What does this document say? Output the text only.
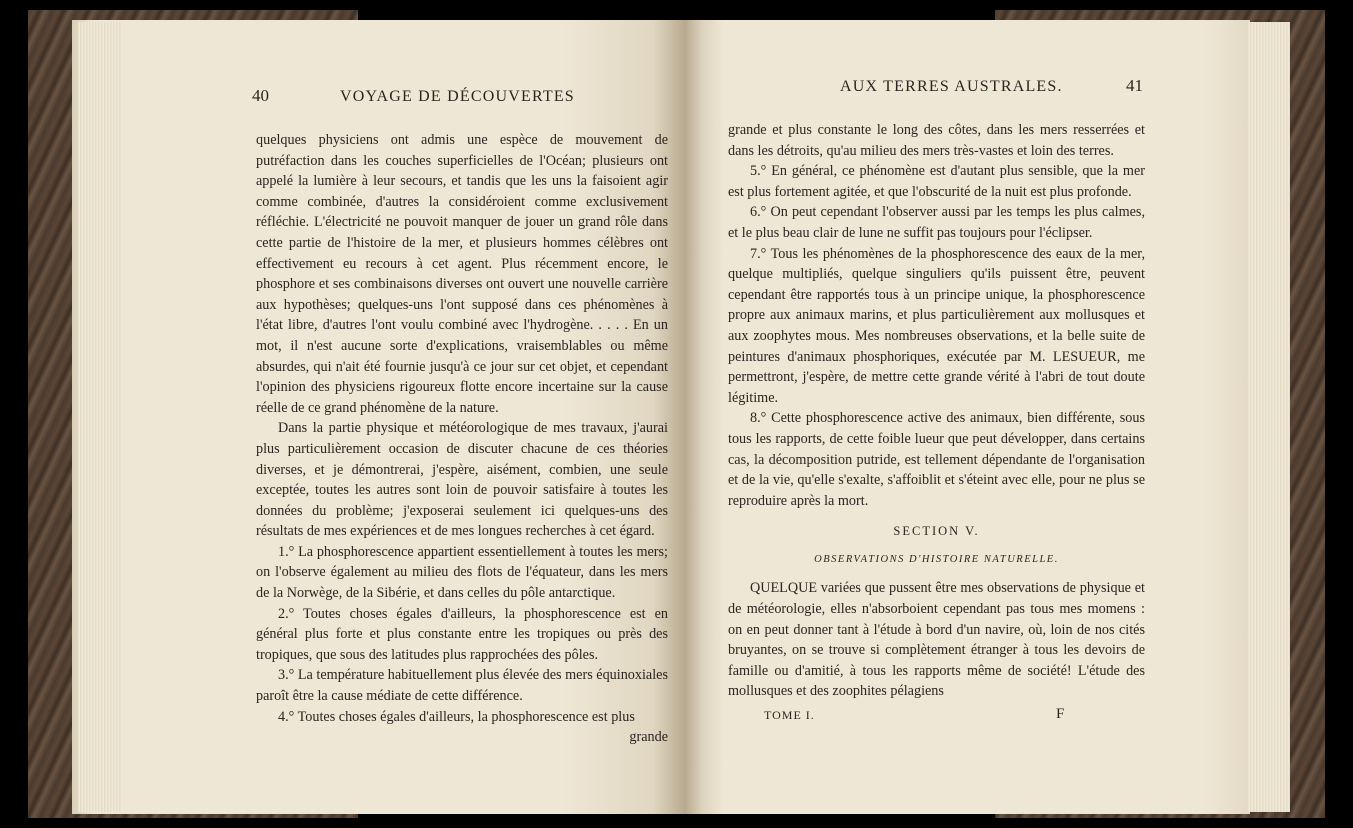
40	VOYAGE DE DÉCOUVERTES

quelques physiciens ont admis une espèce de mouvement de putréfaction dans les couches superficielles de l'Océan; plusieurs ont appelé la lumière à leur secours, et tandis que les uns la faisoient agir comme combinée, d'autres la considéroient comme exclusivement réfléchie. L'électricité ne pouvoit manquer de jouer un grand rôle dans cette partie de l'histoire de la mer, et plusieurs hommes célèbres ont effectivement eu recours à cet agent. Plus récemment encore, le phosphore et ses combinaisons diverses ont ouvert une nouvelle carrière aux hypothèses; quelques-uns l'ont supposé dans ces phénomènes à l'état libre, d'autres l'ont voulu combiné avec l'hydrogène. . . . . En un mot, il n'est aucune sorte d'explications, vraisemblables ou même absurdes, qui n'ait été fournie jusqu'à ce jour sur cet objet, et cependant l'opinion des physiciens rigoureux flotte encore incertaine sur la cause réelle de ce grand phénomène de la nature.

Dans la partie physique et météorologique de mes travaux, j'aurai plus particulièrement occasion de discuter chacune de ces théories diverses, et je démontrerai, j'espère, aisément, combien, une seule exceptée, toutes les autres sont loin de pouvoir satisfaire à toutes les données du problème; j'exposerai seulement ici quelques-uns des résultats de mes expériences et de mes longues recherches à cet égard.

1.° La phosphorescence appartient essentiellement à toutes les mers; on l'observe également au milieu des flots de l'équateur, dans les mers de la Norwège, de la Sibérie, et dans celles du pôle antarctique.

2.° Toutes choses égales d'ailleurs, la phosphorescence est en général plus forte et plus constante entre les tropiques ou près des tropiques, que sous des latitudes plus rapprochées des pôles.

3.° La température habituellement plus élevée des mers équinoxiales paroît être la cause médiate de cette différence.

4.° Toutes choses égales d'ailleurs, la phosphorescence est plus

grande

AUX TERRES AUSTRALES.	41

grande et plus constante le long des côtes, dans les mers resserrées et dans les détroits, qu'au milieu des mers très-vastes et loin des terres.

5.° En général, ce phénomène est d'autant plus sensible, que la mer est plus fortement agitée, et que l'obscurité de la nuit est plus profonde.

6.° On peut cependant l'observer aussi par les temps les plus calmes, et le plus beau clair de lune ne suffit pas toujours pour l'éclipser.

7.° Tous les phénomènes de la phosphorescence des eaux de la mer, quelque multipliés, quelque singuliers qu'ils puissent être, peuvent cependant être rapportés tous à un principe unique, la phosphorescence propre aux animaux marins, et plus particulièrement aux mollusques et aux zoophytes mous. Mes nombreuses observations, et la belle suite de peintures d'animaux phosphoriques, exécutée par M. LESUEUR, me permettront, j'espère, de mettre cette grande vérité à l'abri de tout doute légitime.

8.° Cette phosphorescence active des animaux, bien différente, sous tous les rapports, de cette foible lueur que peut développer, dans certains cas, la décomposition putride, est tellement dépendante de l'organisation et de la vie, qu'elle s'exalte, s'affoiblit et s'éteint avec elle, pour ne plus se reproduire après la mort.

SECTION V.

OBSERVATIONS D'HISTOIRE NATURELLE.

QUELQUE variées que pussent être mes observations de physique et de météorologie, elles n'absorboient cependant pas tous mes momens : on en peut donner tant à l'étude à bord d'un navire, où, loin de nos cités bruyantes, on se trouve si complètement étranger à tous les devoirs de famille ou d'amitié, à tous les rapports même de société! L'étude des mollusques et des zoophites pélagiens

TOME I.	F
